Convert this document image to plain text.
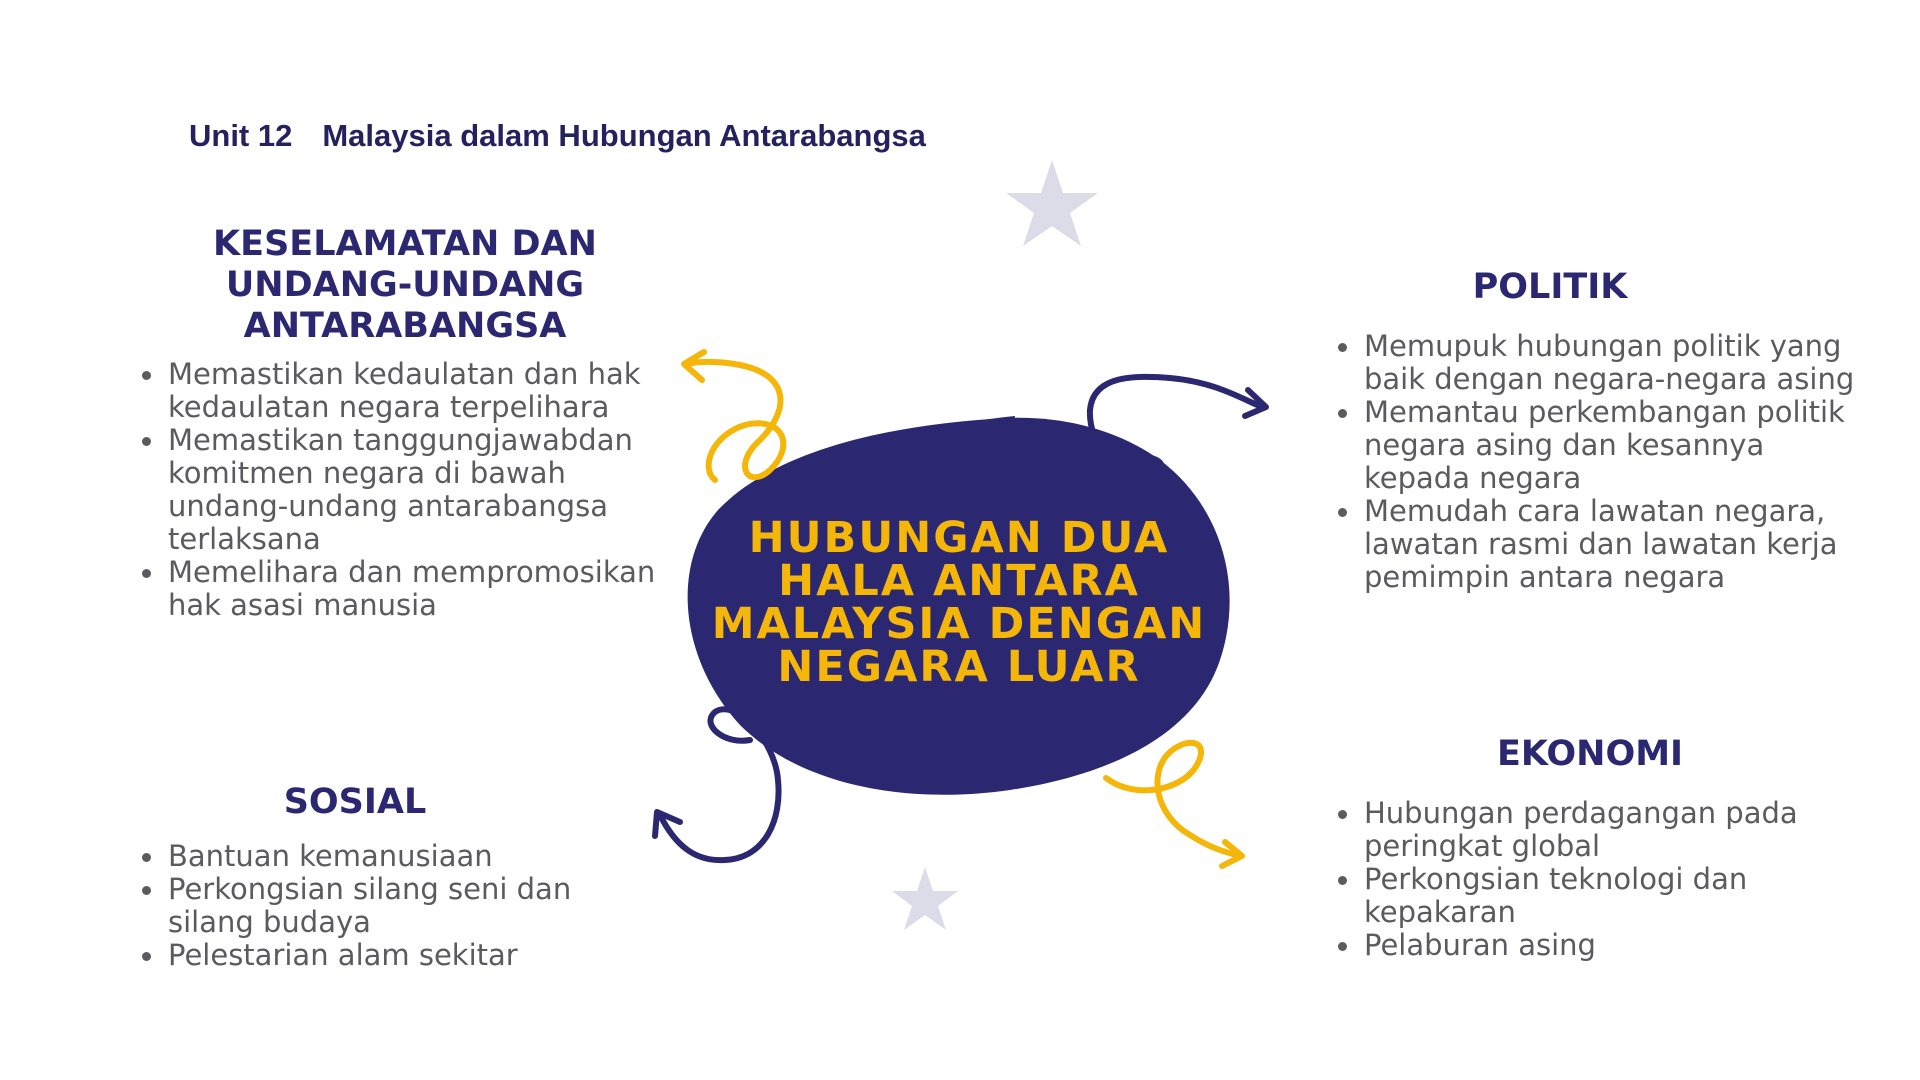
Unit 12 Malaysia dalam Hubungan Antarabangsa
HUBUNGAN DUA HALA ANTARA MALAYSIA DENGAN NEGARA LUAR
KESELAMATAN DAN UNDANG-UNDANG ANTARABANGSA
Memastikan kedaulatan dan hak kedaulatan negara terpelihara
Memastikan tanggungjawabdan komitmen negara di bawah undang-undang antarabangsa terlaksana
Memelihara dan mempromosikan hak asasi manusia
SOSIAL
Bantuan kemanusiaan
Perkongsian silang seni dan silang budaya
Pelestarian alam sekitar
POLITIK
Memupuk hubungan politik yang baik dengan negara-negara asing
Memantau perkembangan politik negara asing dan kesannya kepada negara
Memudah cara lawatan negara, lawatan rasmi dan lawatan kerja pemimpin antara negara
EKONOMI
Hubungan perdagangan pada peringkat global
Perkongsian teknologi dan kepakaran
Pelaburan asing
